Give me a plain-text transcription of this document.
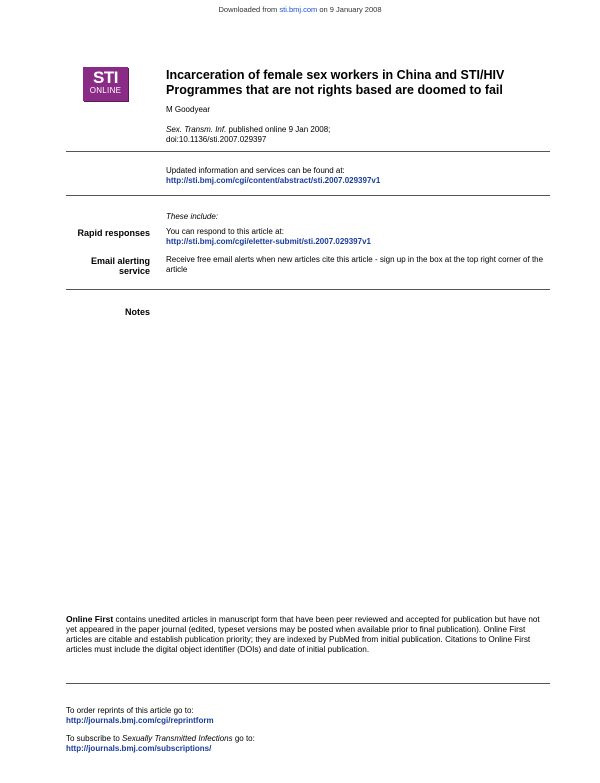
Downloaded from sti.bmj.com on 9 January 2008
STI
ONLINE
Incarceration of female sex workers in China and STI/HIV
Programmes that are not rights based are doomed to fail
M Goodyear
Sex. Transm. Inf. published online 9 Jan 2008;
doi:10.1136/sti.2007.029397
Updated information and services can be found at:
http://sti.bmj.com/cgi/content/abstract/sti.2007.029397v1
These include:
Rapid responses You can respond to this article at:
http://sti.bmj.com/cgi/eletter-submit/sti.2007.029397v1
Email alerting
service
Receive free email alerts when new articles cite this article - sign up in the box at the top right corner of the article
Notes
Online First contains unedited articles in manuscript form that have been peer reviewed and accepted for publication but have not yet appeared in the paper journal (edited, typeset versions may be posted when available prior to final publication). Online First articles are citable and establish publication priority; they are indexed by PubMed from initial publication. Citations to Online First articles must include the digital object identifier (DOIs) and date of initial publication.
To order reprints of this article go to:
http://journals.bmj.com/cgi/reprintform
To subscribe to Sexually Transmitted Infections go to:
http://journals.bmj.com/subscriptions/
